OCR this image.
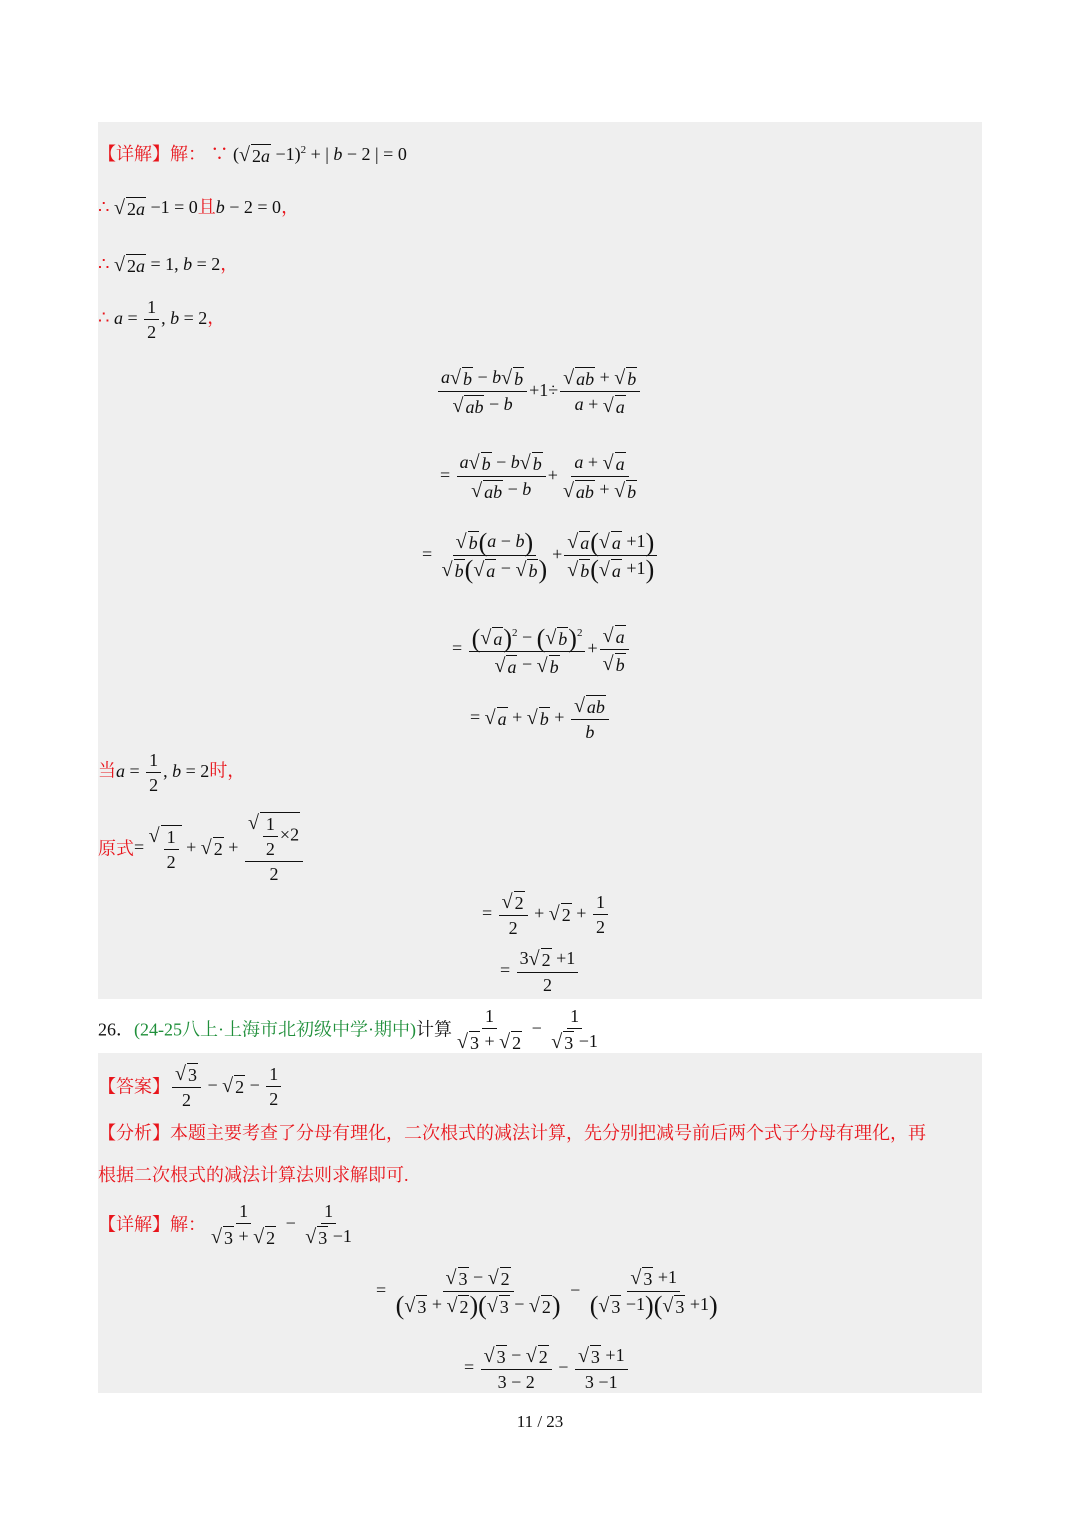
【详解】解： ∵ ( √ 2a −1)$^2$ + | b − 2 | = 0
∴ √ 2a −1 = 0且b − 2 = 0，
∴ √ 2a = 1, b = 2，
∴ $a = \frac{1}{2}$ , b = 2，
$\frac{a √ b - b √ b}{√ ab - b} +1\div \frac{√ ab + √ b}{a + √ a}$
= $\frac{a √ b - b √ b}{√ ab - b} + \frac{a + √ a}{√ ab + √ b}$
= $\frac{√ b (a - b)}{√ b ( √ a - √ b )} + \frac{√ a ( √ a +1)}{√ b ( √ a +1)}$
= $\frac{( √ a )^2 - ( √ b )^2}{√ a - √ b} + \frac{√ a}{√ b}$
= √ a + √ $b + \frac{√ ab}{b}$
当$a = \frac{1}{2}$ , b = 2时，
原式=
√ $\frac{1}{2}$ + √ $2 + \frac{√ \frac{1}{2} \times 2}{2}$
= $\frac{√ 2}{2}$ + √ $2 + \frac{1}{2}$
= $\frac{3 √ 2 +1}{2}$
26．(24-25八上·上海市北初级中学·期中)计算 $\frac{1}{√ 3 + √ 2} - \frac{1}{√ 3 -1}$
【答案】 $\frac{√ 3}{2}$ − √ $2 - \frac{1}{2}$
【分析】本题主要考查了分母有理化，二次根式的减法计算，先分别把减号前后两个式子分母有理化，再
根据二次根式的减法计算法则求解即可.
【详解】解： $\frac{1}{√ 3 + √ 2} - \frac{1}{√ 3 -1}$
= $\frac{√ 3 - √ 2}{( √ 3 + √ 2 )( √ 3 - √ 2 )} - \frac{√ 3 +1}{( √ 3 -1)( √ 3 +1)}$
= $\frac{√ 3 - √ 2}{3 - 2} - \frac{√ 3 +1}{3 -1}$
11 / 23
